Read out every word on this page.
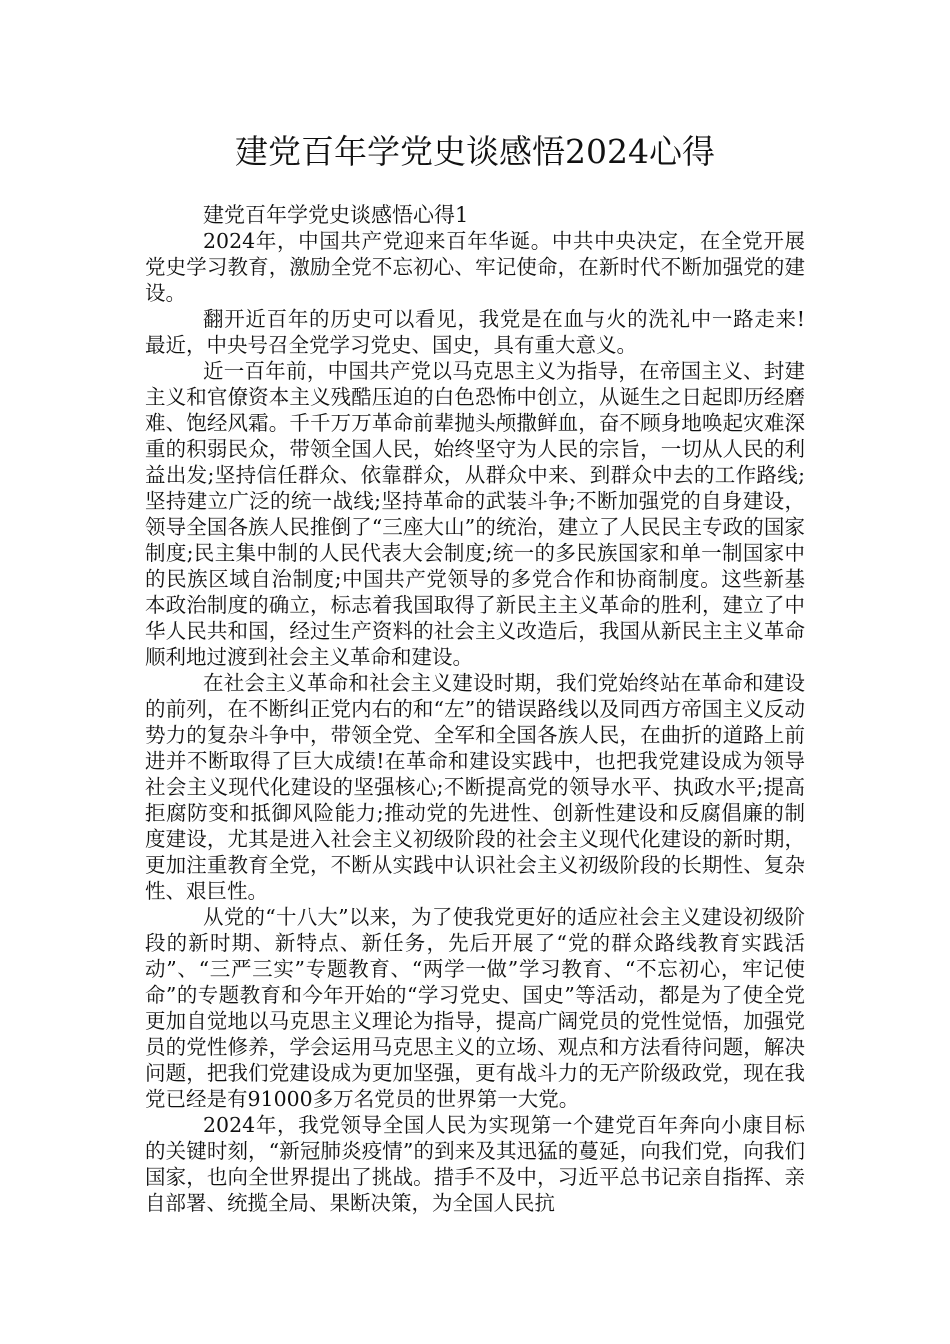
建党百年学党史谈感悟2024心得

建党百年学党史谈感悟心得1

2024年，中国共产党迎来百年华诞。中共中央决定，在全党开展党史学习教育，激励全党不忘初心、牢记使命，在新时代不断加强党的建设。

翻开近百年的历史可以看见，我党是在血与火的洗礼中一路走来!最近，中央号召全党学习党史、国史，具有重大意义。

近一百年前，中国共产党以马克思主义为指导，在帝国主义、封建主义和官僚资本主义残酷压迫的白色恐怖中创立，从诞生之日起即历经磨难、饱经风霜。千千万万革命前辈抛头颅撒鲜血，奋不顾身地唤起灾难深重的积弱民众，带领全国人民，始终坚守为人民的宗旨，一切从人民的利益出发;坚持信任群众、依靠群众，从群众中来、到群众中去的工作路线;坚持建立广泛的统一战线;坚持革命的武装斗争;不断加强党的自身建设，领导全国各族人民推倒了“三座大山”的统治，建立了人民民主专政的国家制度;民主集中制的人民代表大会制度;统一的多民族国家和单一制国家中的民族区域自治制度;中国共产党领导的多党合作和协商制度。这些新基本政治制度的确立，标志着我国取得了新民主主义革命的胜利，建立了中华人民共和国，经过生产资料的社会主义改造后，我国从新民主主义革命顺利地过渡到社会主义革命和建设。

在社会主义革命和社会主义建设时期，我们党始终站在革命和建设的前列，在不断纠正党内右的和“左”的错误路线以及同西方帝国主义反动势力的复杂斗争中，带领全党、全军和全国各族人民，在曲折的道路上前进并不断取得了巨大成绩!在革命和建设实践中，也把我党建设成为领导社会主义现代化建设的坚强核心;不断提高党的领导水平、执政水平;提高拒腐防变和抵御风险能力;推动党的先进性、创新性建设和反腐倡廉的制度建设，尤其是进入社会主义初级阶段的社会主义现代化建设的新时期，更加注重教育全党，不断从实践中认识社会主义初级阶段的长期性、复杂性、艰巨性。

从党的“十八大”以来，为了使我党更好的适应社会主义建设初级阶段的新时期、新特点、新任务，先后开展了“党的群众路线教育实践活动”、“三严三实”专题教育、“两学一做”学习教育、“不忘初心，牢记使命”的专题教育和今年开始的“学习党史、国史”等活动，都是为了使全党更加自觉地以马克思主义理论为指导，提高广阔党员的党性觉悟，加强党员的党性修养，学会运用马克思主义的立场、观点和方法看待问题，解决问题，把我们党建设成为更加坚强，更有战斗力的无产阶级政党，现在我党已经是有91000多万名党员的世界第一大党。

2024年，我党领导全国人民为实现第一个建党百年奔向小康目标的关键时刻，“新冠肺炎疫情”的到来及其迅猛的蔓延，向我们党，向我们国家，也向全世界提出了挑战。措手不及中，习近平总书记亲自指挥、亲自部署、统揽全局、果断决策，为全国人民抗
